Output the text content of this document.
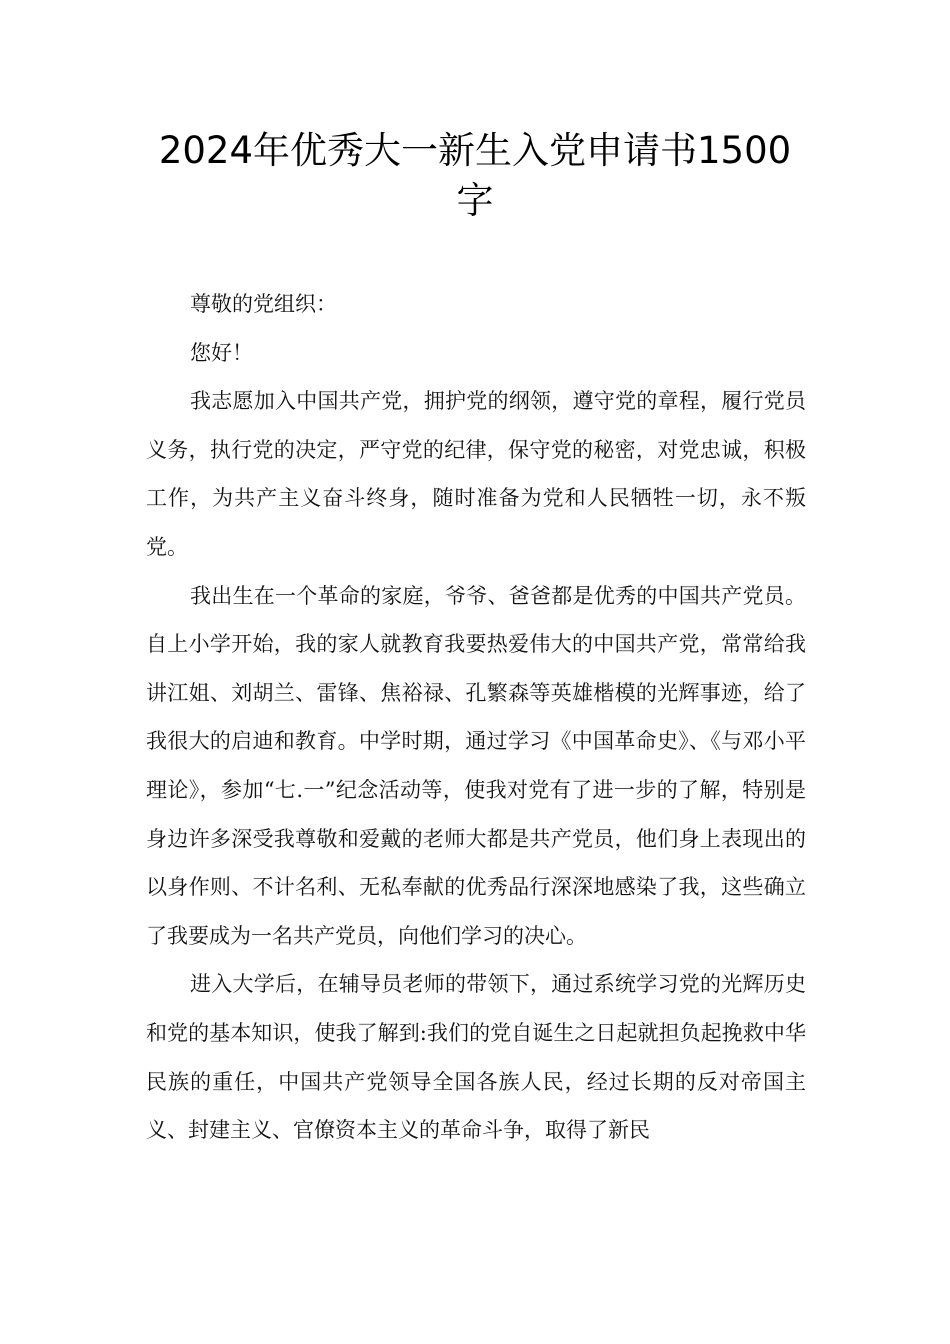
2024年优秀大一新生入党申请书1500
字

尊敬的党组织：

您好！

我志愿加入中国共产党，拥护党的纲领，遵守党的章程，履行党员义务，执行党的决定，严守党的纪律，保守党的秘密，对党忠诚，积极工作，为共产主义奋斗终身，随时准备为党和人民牺牲一切，永不叛党。

我出生在一个革命的家庭，爷爷、爸爸都是优秀的中国共产党员。自上小学开始，我的家人就教育我要热爱伟大的中国共产党，常常给我讲江姐、刘胡兰、雷锋、焦裕禄、孔繁森等英雄楷模的光辉事迹，给了我很大的启迪和教育。中学时期，通过学习《中国革命史》、《与邓小平理论》，参加“七.一”纪念活动等，使我对党有了进一步的了解，特别是身边许多深受我尊敬和爱戴的老师大都是共产党员，他们身上表现出的以身作则、不计名利、无私奉献的优秀品行深深地感染了我，这些确立了我要成为一名共产党员，向他们学习的决心。

进入大学后，在辅导员老师的带领下，通过系统学习党的光辉历史和党的基本知识，使我了解到:我们的党自诞生之日起就担负起挽救中华民族的重任，中国共产党领导全国各族人民，经过长期的反对帝国主义、封建主义、官僚资本主义的革命斗争，取得了新民
